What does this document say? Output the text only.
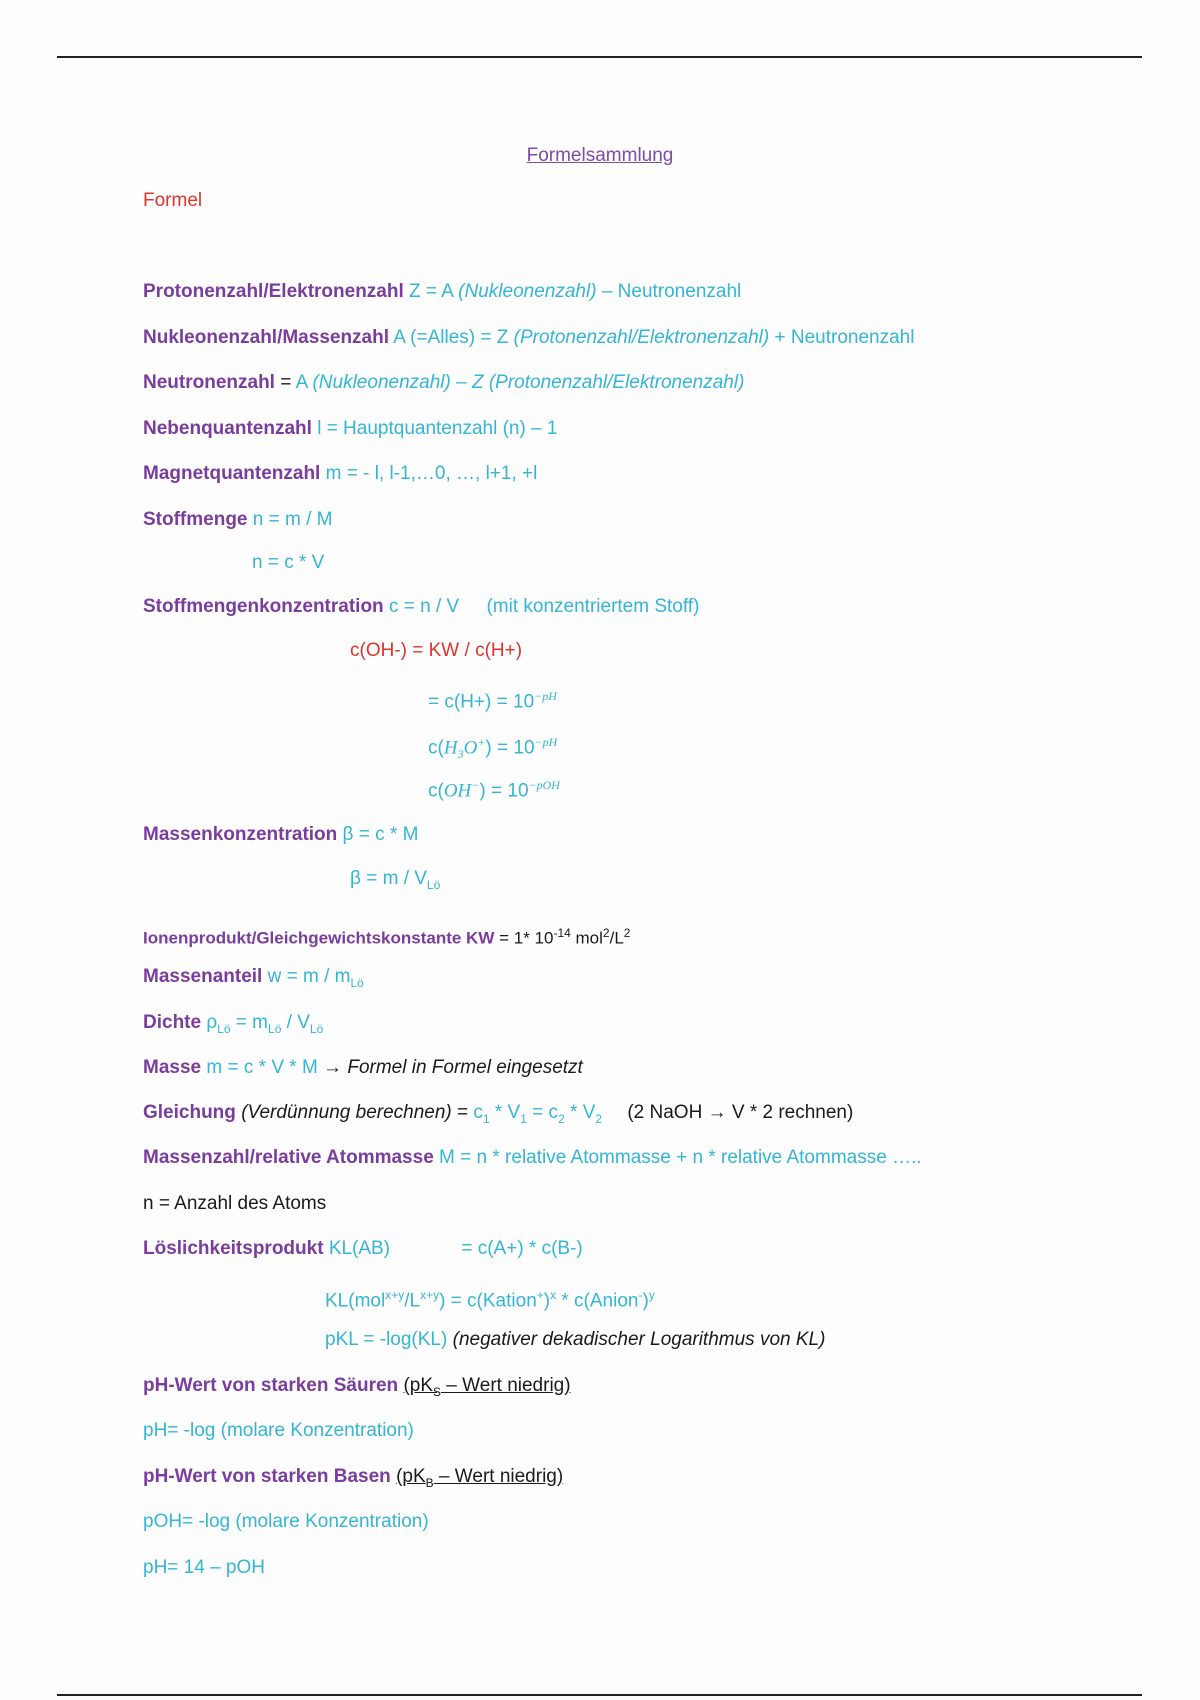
Formelsammlung
Formel
Protonenzahl/Elektronenzahl Z = A (Nukleonenzahl) – Neutronenzahl
Nukleonenzahl/Massenzahl A (=Alles) = Z (Protonenzahl/Elektronenzahl) + Neutronenzahl
Neutronenzahl = A (Nukleonenzahl) – Z (Protonenzahl/Elektronenzahl)
Nebenquantenzahl l = Hauptquantenzahl (n) – 1
Magnetquantenzahl m = - l, l-1,…0, …, l+1, +l
Stoffmenge n = m / M
n = c * V
Stoffmengenkonzentration c = n / V (mit konzentriertem Stoff)
c(OH-) = KW / c(H+)
= $c(H+) = 10^{-pH}$
$c(H_3O^+) = 10^{-pH}$
$c(OH^-) = 10^{-pOH}$
Massenkonzentration β = c * M
$\beta = m / V_{Lö}$
Ionenprodukt/Gleichgewichtskonstante KW = 1* $10^{-14}$ $mol^2/L^2$
Massenanteil $w = m / m_{Lö}$
Dichte $\rho_{Lö} = m_{Lö} / V_{Lö}$
Masse m = c * V * M → Formel in Formel eingesetzt
Gleichung (Verdünnung berechnen) = $c_1 * V_1 = c_2 * V_2$ (2 NaOH → V * 2 rechnen)
Massenzahl/relative Atommasse M = n * relative Atommasse + n * relative Atommasse …..
n = Anzahl des Atoms
Löslichkeitsprodukt KL(AB)	= c(A+) * c(B-)
$KL(mol^{x+y}/L^{x+y})$ = c(Kation+)$^x$ * c(Anion-)$^y$
pKL = -log(KL) (negativer dekadischer Logarithmus von KL)
pH-Wert von starken Säuren ($pK_S$ – Wert niedrig)
pH= -log (molare Konzentration)
pH-Wert von starken Basen ($pK_B$ – Wert niedrig)
pOH= -log (molare Konzentration)
pH= 14 – pOH
